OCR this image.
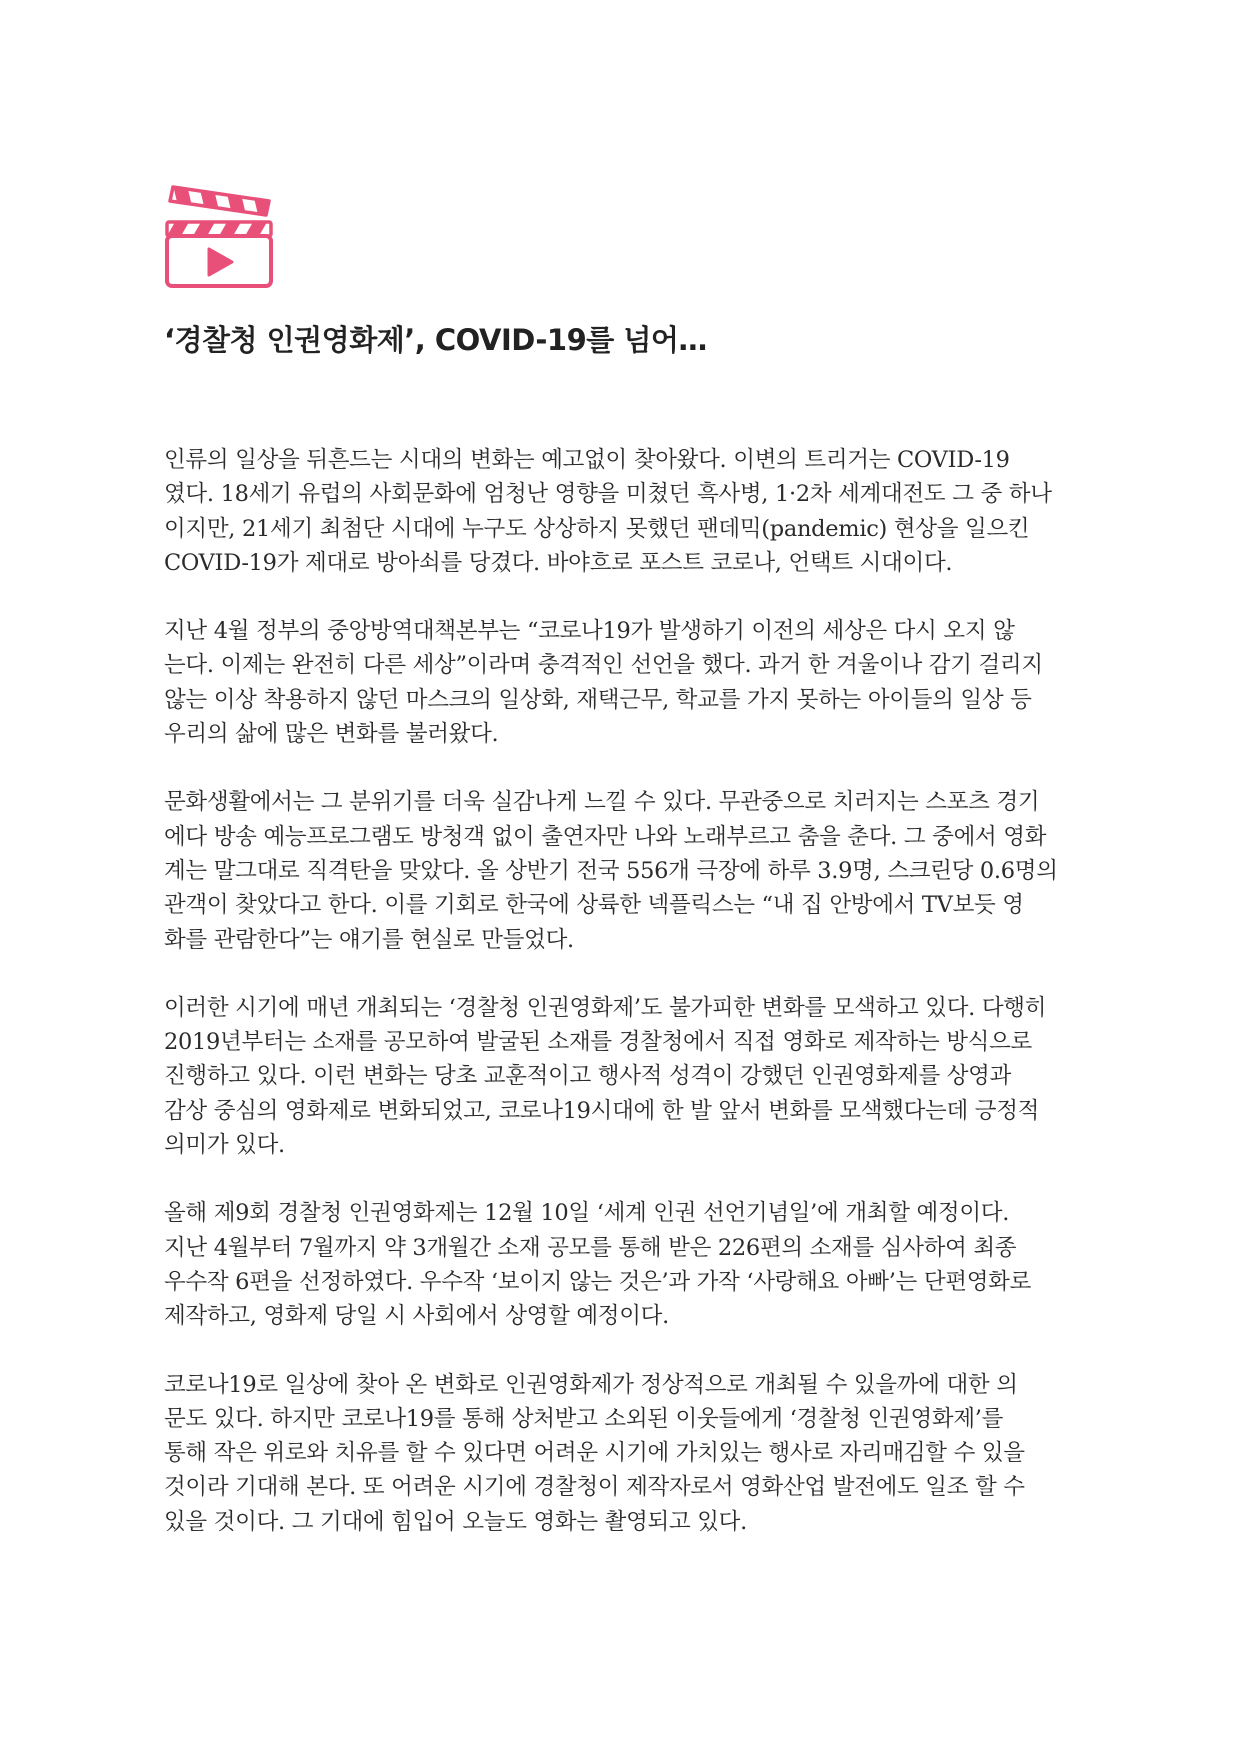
‘경찰청 인권영화제’, COVID-19를 넘어…

인류의 일상을 뒤흔드는 시대의 변화는 예고없이 찾아왔다. 이변의 트리거는 COVID-19
였다. 18세기 유럽의 사회문화에 엄청난 영향을 미쳤던 흑사병, 1·2차 세계대전도 그 중 하나
이지만, 21세기 최첨단 시대에 누구도 상상하지 못했던 팬데믹(pandemic) 현상을 일으킨
COVID-19가 제대로 방아쇠를 당겼다. 바야흐로 포스트 코로나, 언택트 시대이다.

지난 4월 정부의 중앙방역대책본부는 “코로나19가 발생하기 이전의 세상은 다시 오지 않
는다. 이제는 완전히 다른 세상”이라며 충격적인 선언을 했다. 과거 한 겨울이나 감기 걸리지
않는 이상 착용하지 않던 마스크의 일상화, 재택근무, 학교를 가지 못하는 아이들의 일상 등
우리의 삶에 많은 변화를 불러왔다.

문화생활에서는 그 분위기를 더욱 실감나게 느낄 수 있다. 무관중으로 치러지는 스포츠 경기
에다 방송 예능프로그램도 방청객 없이 출연자만 나와 노래부르고 춤을 춘다. 그 중에서 영화
계는 말그대로 직격탄을 맞았다. 올 상반기 전국 556개 극장에 하루 3.9명, 스크린당 0.6명의
관객이 찾았다고 한다. 이를 기회로 한국에 상륙한 넥플릭스는 “내 집 안방에서 TV보듯 영
화를 관람한다”는 얘기를 현실로 만들었다.

이러한 시기에 매년 개최되는 ‘경찰청 인권영화제’도 불가피한 변화를 모색하고 있다. 다행히
2019년부터는 소재를 공모하여 발굴된 소재를 경찰청에서 직접 영화로 제작하는 방식으로
진행하고 있다. 이런 변화는 당초 교훈적이고 행사적 성격이 강했던 인권영화제를 상영과
감상 중심의 영화제로 변화되었고, 코로나19시대에 한 발 앞서 변화를 모색했다는데 긍정적
의미가 있다.

올해 제9회 경찰청 인권영화제는 12월 10일 ‘세계 인권 선언기념일’에 개최할 예정이다.
지난 4월부터 7월까지 약 3개월간 소재 공모를 통해 받은 226편의 소재를 심사하여 최종
우수작 6편을 선정하였다. 우수작 ‘보이지 않는 것은’과 가작 ‘사랑해요 아빠’는 단편영화로
제작하고, 영화제 당일 시 사회에서 상영할 예정이다.

코로나19로 일상에 찾아 온 변화로 인권영화제가 정상적으로 개최될 수 있을까에 대한 의
문도 있다. 하지만 코로나19를 통해 상처받고 소외된 이웃들에게 ‘경찰청 인권영화제’를
통해 작은 위로와 치유를 할 수 있다면 어려운 시기에 가치있는 행사로 자리매김할 수 있을
것이라 기대해 본다. 또 어려운 시기에 경찰청이 제작자로서 영화산업 발전에도 일조 할 수
있을 것이다. 그 기대에 힘입어 오늘도 영화는 촬영되고 있다.
